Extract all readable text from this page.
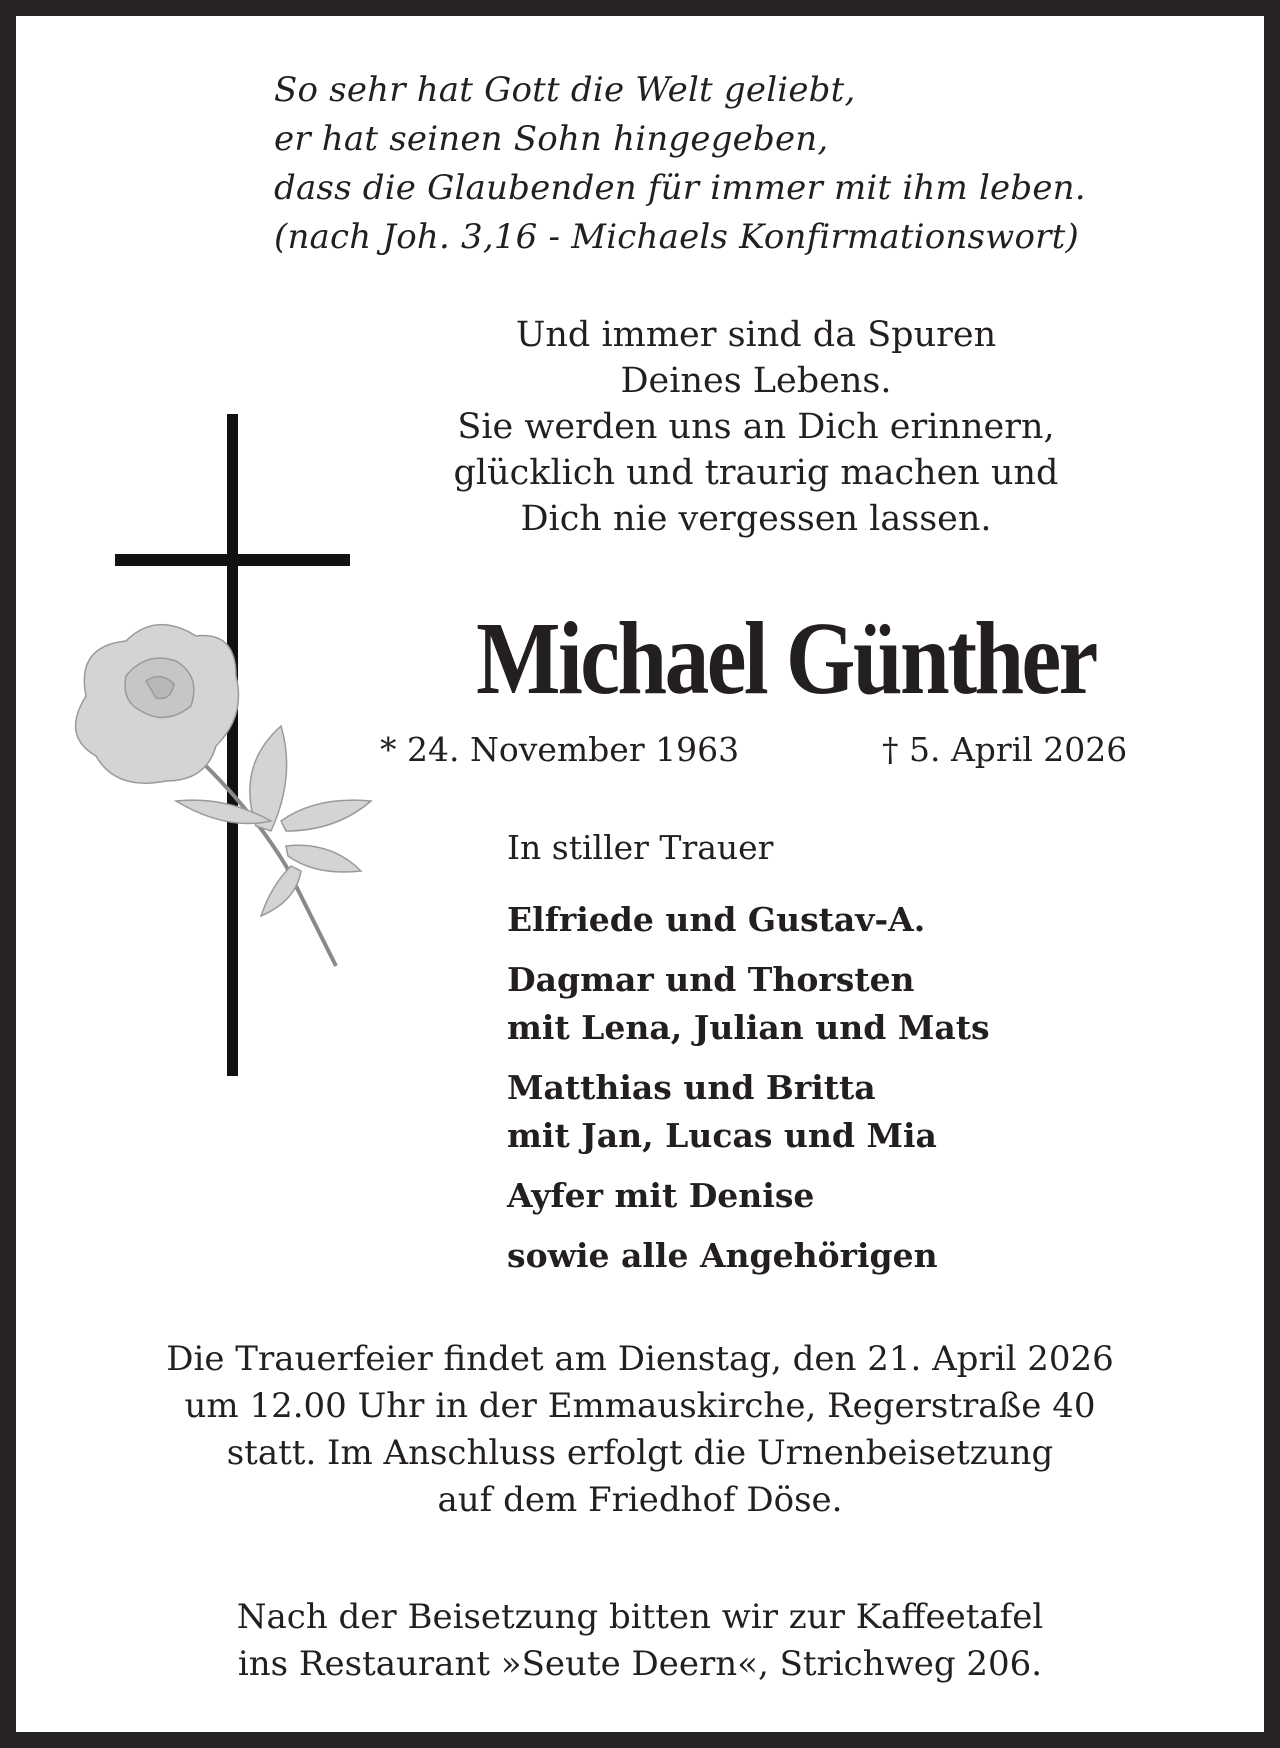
So sehr hat Gott die Welt geliebt,
er hat seinen Sohn hingegeben,
dass die Glaubenden für immer mit ihm leben.
(nach Joh. 3,16 - Michaels Konfirmationswort)
Und immer sind da Spuren
Deines Lebens.
Sie werden uns an Dich erinnern,
glücklich und traurig machen und
Dich nie vergessen lassen.
Michael Günther
* 24. November 1963	† 5. April 2026
In stiller Trauer
Elfriede und Gustav-A.
Dagmar und Thorsten
mit Lena, Julian und Mats
Matthias und Britta
mit Jan, Lucas und Mia
Ayfer mit Denise
sowie alle Angehörigen
Die Trauerfeier findet am Dienstag, den 21. April 2026
um 12.00 Uhr in der Emmauskirche, Regerstraße 40
statt. Im Anschluss erfolgt die Urnenbeisetzung
auf dem Friedhof Döse.
Nach der Beisetzung bitten wir zur Kaffeetafel
ins Restaurant »Seute Deern«, Strichweg 206.
